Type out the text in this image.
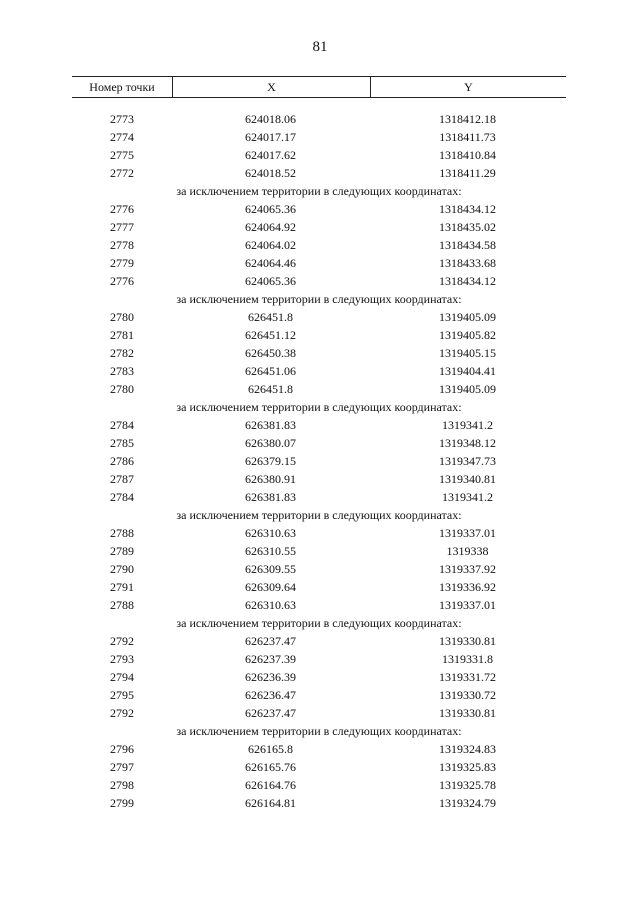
81
Номер точки	X	Y
2773	624018.06	1318412.18
2774	624017.17	1318411.73
2775	624017.62	1318410.84
2772	624018.52	1318411.29
за исключением территории в следующих координатах:
2776	624065.36	1318434.12
2777	624064.92	1318435.02
2778	624064.02	1318434.58
2779	624064.46	1318433.68
2776	624065.36	1318434.12
за исключением территории в следующих координатах:
2780	626451.8	1319405.09
2781	626451.12	1319405.82
2782	626450.38	1319405.15
2783	626451.06	1319404.41
2780	626451.8	1319405.09
за исключением территории в следующих координатах:
2784	626381.83	1319341.2
2785	626380.07	1319348.12
2786	626379.15	1319347.73
2787	626380.91	1319340.81
2784	626381.83	1319341.2
за исключением территории в следующих координатах:
2788	626310.63	1319337.01
2789	626310.55	1319338
2790	626309.55	1319337.92
2791	626309.64	1319336.92
2788	626310.63	1319337.01
за исключением территории в следующих координатах:
2792	626237.47	1319330.81
2793	626237.39	1319331.8
2794	626236.39	1319331.72
2795	626236.47	1319330.72
2792	626237.47	1319330.81
за исключением территории в следующих координатах:
2796	626165.8	1319324.83
2797	626165.76	1319325.83
2798	626164.76	1319325.78
2799	626164.81	1319324.79
